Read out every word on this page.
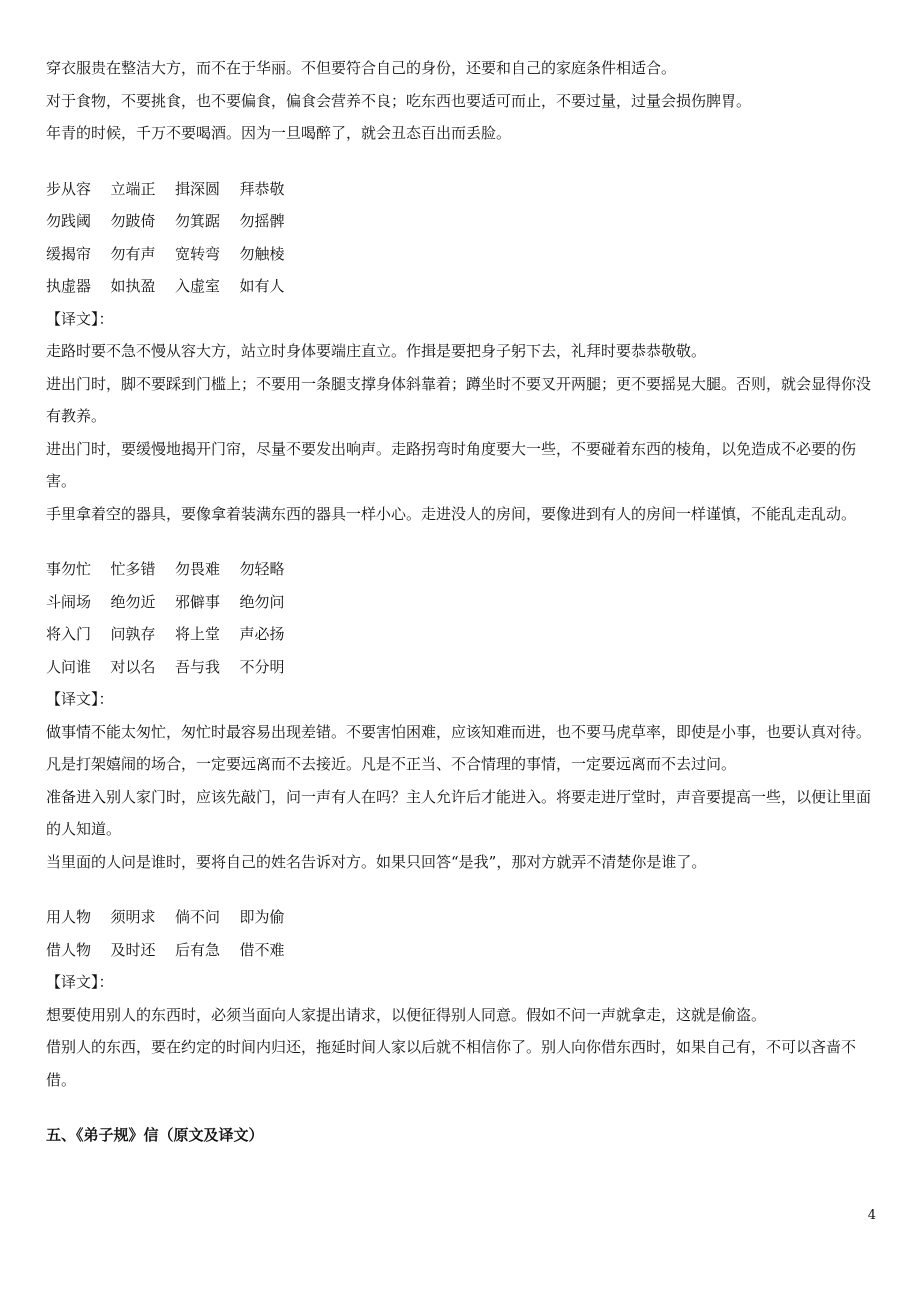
穿衣服贵在整洁大方，而不在于华丽。不但要符合自己的身份，还要和自己的家庭条件相适合。

对于食物，不要挑食，也不要偏食，偏食会营养不良；吃东西也要适可而止，不要过量，过量会损伤脾胃。

年青的时候，千万不要喝酒。因为一旦喝醉了，就会丑态百出而丢脸。

步从容 立端正 揖深圆 拜恭敬

勿践阈 勿跛倚 勿箕踞 勿摇髀

缓揭帘 勿有声 宽转弯 勿触棱

执虚器 如执盈 入虚室 如有人

【译文】：

走路时要不急不慢从容大方，站立时身体要端庄直立。作揖是要把身子躬下去，礼拜时要恭恭敬敬。

进出门时，脚不要踩到门槛上；不要用一条腿支撑身体斜靠着；蹲坐时不要叉开两腿；更不要摇晃大腿。否则，就会显得你没有教养。

进出门时，要缓慢地揭开门帘，尽量不要发出响声。走路拐弯时角度要大一些，不要碰着东西的棱角，以免造成不必要的伤害。

手里拿着空的器具，要像拿着装满东西的器具一样小心。走进没人的房间，要像进到有人的房间一样谨慎，不能乱走乱动。

事勿忙 忙多错 勿畏难 勿轻略

斗闹场 绝勿近 邪僻事 绝勿问

将入门 问孰存 将上堂 声必扬

人问谁 对以名 吾与我 不分明

【译文】：

做事情不能太匆忙，匆忙时最容易出现差错。不要害怕困难，应该知难而进，也不要马虎草率，即使是小事，也要认真对待。

凡是打架嬉闹的场合，一定要远离而不去接近。凡是不正当、不合情理的事情，一定要远离而不去过问。

准备进入别人家门时，应该先敲门，问一声有人在吗？主人允许后才能进入。将要走进厅堂时，声音要提高一些，以便让里面的人知道。

当里面的人问是谁时，要将自己的姓名告诉对方。如果只回答“是我”，那对方就弄不清楚你是谁了。

用人物 须明求 倘不问 即为偷

借人物 及时还 后有急 借不难

【译文】：

想要使用别人的东西时，必须当面向人家提出请求，以便征得别人同意。假如不问一声就拿走，这就是偷盗。

借别人的东西，要在约定的时间内归还，拖延时间人家以后就不相信你了。别人向你借东西时，如果自己有，不可以吝啬不借。

五、《弟子规》信（原文及译文）

4
